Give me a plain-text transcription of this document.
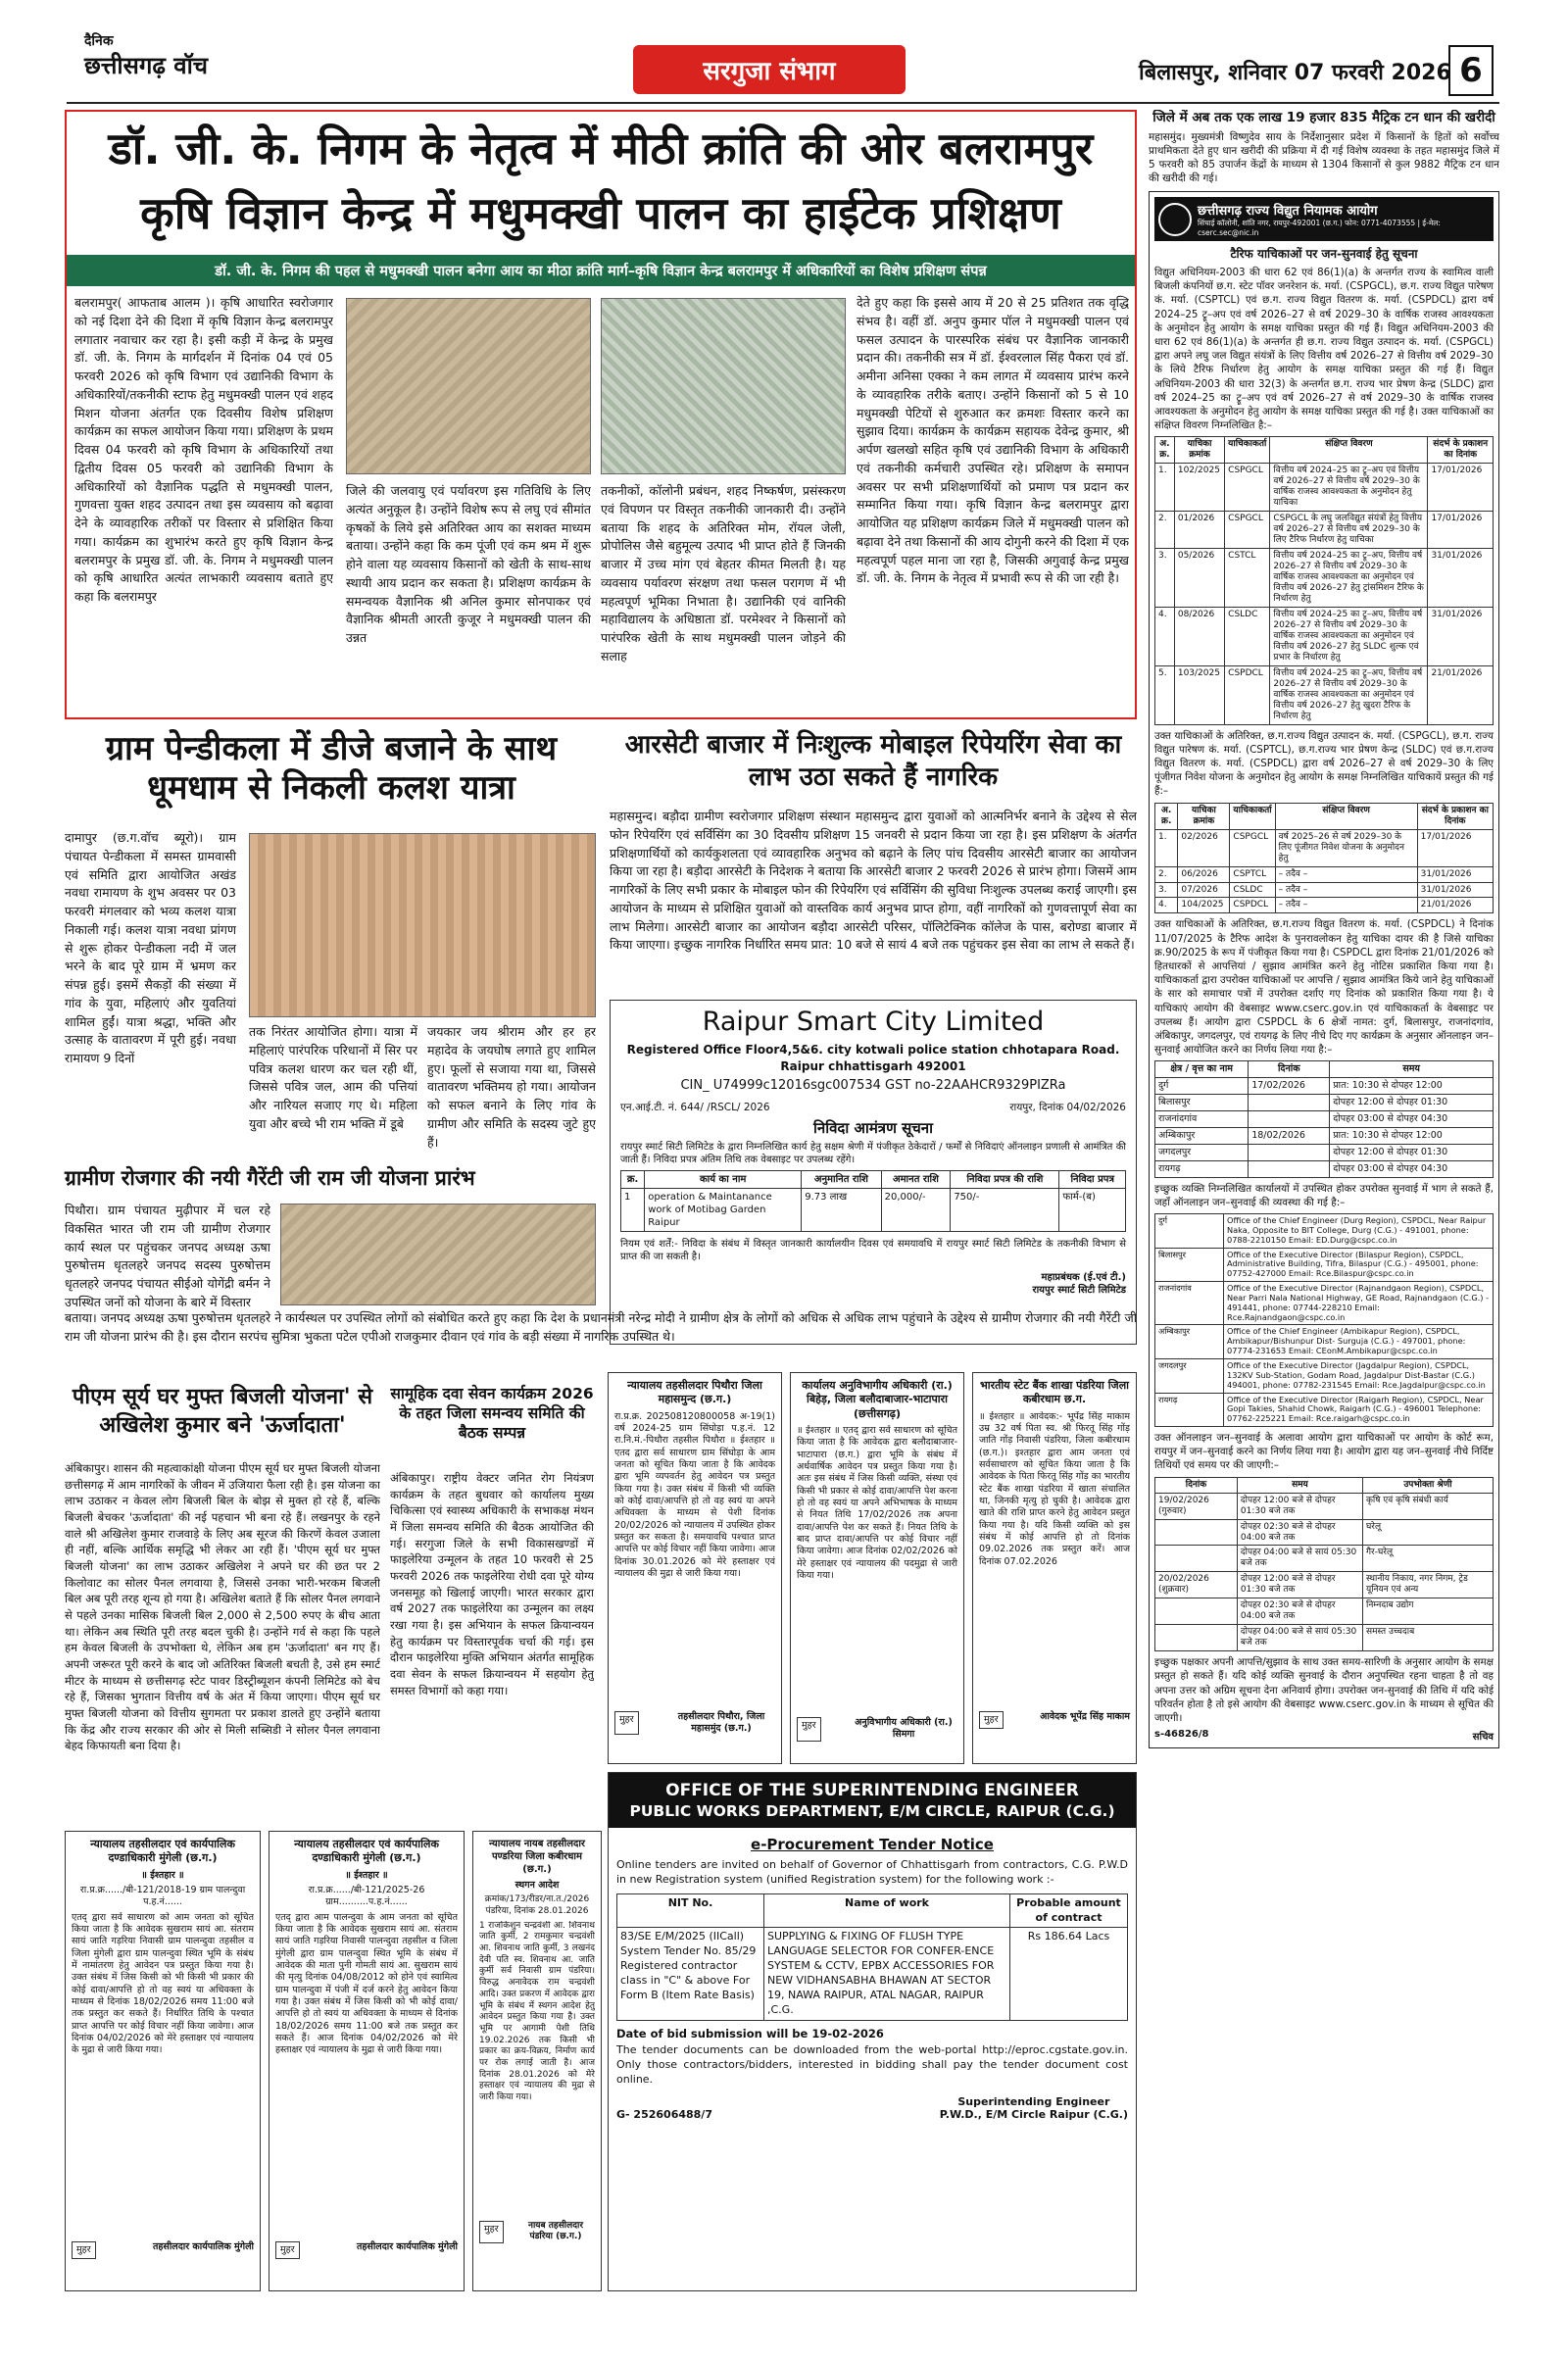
दैनिक
छत्तीसगढ़ वॉच	सरगुजा संभाग	बिलासपुर, शनिवार 07 फरवरी 2026 6
डॉ. जी. के. निगम के नेतृत्व में मीठी क्रांति की ओर बलरामपुर
कृषि विज्ञान केन्द्र में मधुमक्खी पालन का हाईटेक प्रशिक्षण
डॉ. जी. के. निगम की पहल से मधुमक्खी पालन बनेगा आय का मीठा क्रांति मार्ग–कृषि विज्ञान केन्द्र बलरामपुर में अधिकारियों का विशेष प्रशिक्षण संपन्न
बलरामपुर( आफताब आलम )। कृषि आधारित स्वरोजगार को नई दिशा देने की दिशा में कृषि विज्ञान केन्द्र बलरामपुर लगातार नवाचार कर रहा है। इसी कड़ी में केन्द्र के प्रमुख डॉ. जी. के. निगम के मार्गदर्शन में दिनांक 04 एवं 05 फरवरी 2026 को कृषि विभाग एवं उद्यानिकी विभाग के अधिकारियों/तकनीकी स्टाफ हेतु मधुमक्खी पालन एवं शहद मिशन योजना अंतर्गत एक दिवसीय विशेष प्रशिक्षण कार्यक्रम का सफल आयोजन किया गया। प्रशिक्षण के प्रथम दिवस 04 फरवरी को कृषि विभाग के अधिकारियों तथा द्वितीय दिवस 05 फरवरी को उद्यानिकी विभाग के अधिकारियों को वैज्ञानिक पद्धति से मधुमक्खी पालन, गुणवत्ता युक्त शहद उत्पादन तथा इस व्यवसाय को बढ़ावा देने के व्यावहारिक तरीकों पर विस्तार से प्रशिक्षित किया गया। कार्यक्रम का शुभारंभ करते हुए कृषि विज्ञान केन्द्र बलरामपुर के प्रमुख डॉ. जी. के. निगम ने मधुमक्खी पालन को कृषि आधारित अत्यंत लाभकारी व्यवसाय बताते हुए कहा कि बलरामपुर
जिले की जलवायु एवं पर्यावरण इस गतिविधि के लिए अत्यंत अनुकूल है। उन्होंने विशेष रूप से लघु एवं सीमांत कृषकों के लिये इसे अतिरिक्त आय का सशक्त माध्यम बताया। उन्होंने कहा कि कम पूंजी एवं कम श्रम में शुरू होने वाला यह व्यवसाय किसानों को खेती के साथ-साथ स्थायी आय प्रदान कर सकता है। प्रशिक्षण कार्यक्रम के समन्वयक वैज्ञानिक श्री अनिल कुमार सोनपाकर एवं वैज्ञानिक श्रीमती आरती कुजूर ने मधुमक्खी पालन की उन्नत
तकनीकों, कॉलोनी प्रबंधन, शहद निष्कर्षण, प्रसंस्करण एवं विपणन पर विस्तृत तकनीकी जानकारी दी। उन्होंने बताया कि शहद के अतिरिक्त मोम, रॉयल जेली, प्रोपोलिस जैसे बहुमूल्य उत्पाद भी प्राप्त होते हैं जिनकी बाजार में उच्च मांग एवं बेहतर कीमत मिलती है। यह व्यवसाय पर्यावरण संरक्षण तथा फसल परागण में भी महत्वपूर्ण भूमिका निभाता है। उद्यानिकी एवं वानिकी महाविद्यालय के अधिष्ठाता डॉ. परमेश्वर ने किसानों को पारंपरिक खेती के साथ मधुमक्खी पालन जोड़ने की सलाह
देते हुए कहा कि इससे आय में 20 से 25 प्रतिशत तक वृद्धि संभव है। वहीं डॉ. अनुप कुमार पॉल ने मधुमक्खी पालन एवं फसल उत्पादन के पारस्परिक संबंध पर वैज्ञानिक जानकारी प्रदान की। तकनीकी सत्र में डॉ. ईश्वरलाल सिंह पैकरा एवं डॉ. अमीना अनिसा एक्का ने कम लागत में व्यवसाय प्रारंभ करने के व्यावहारिक तरीके बताए। उन्होंने किसानों को 5 से 10 मधुमक्खी पेटियों से शुरुआत कर क्रमशः विस्तार करने का सुझाव दिया। कार्यक्रम के कार्यक्रम सहायक देवेन्द्र कुमार, श्री अर्पण खलखो सहित कृषि एवं उद्यानिकी विभाग के अधिकारी एवं तकनीकी कर्मचारी उपस्थित रहे। प्रशिक्षण के समापन अवसर पर सभी प्रशिक्षणार्थियों को प्रमाण पत्र प्रदान कर सम्मानित किया गया। कृषि विज्ञान केन्द्र बलरामपुर द्वारा आयोजित यह प्रशिक्षण कार्यक्रम जिले में मधुमक्खी पालन को बढ़ावा देने तथा किसानों की आय दोगुनी करने की दिशा में एक महत्वपूर्ण पहल माना जा रहा है, जिसकी अगुवाई केन्द्र प्रमुख डॉ. जी. के. निगम के नेतृत्व में प्रभावी रूप से की जा रही है।
ग्राम पेन्डीकला में डीजे बजाने के साथ धूमधाम से निकली कलश यात्रा
दामापुर (छ.ग.वॉच ब्यूरो)। ग्राम पंचायत पेन्डीकला में समस्त ग्रामवासी एवं समिति द्वारा आयोजित अखंड नवधा रामायण के शुभ अवसर पर 03 फरवरी मंगलवार को भव्य कलश यात्रा निकाली गई। कलश यात्रा नवधा प्रांगण से शुरू होकर पेन्डीकला नदी में जल भरने के बाद पूरे ग्राम में भ्रमण कर संपन्न हुई। इसमें सैकड़ों की संख्या में गांव के युवा, महिलाएं और युवतियां शामिल हुईं। यात्रा श्रद्धा, भक्ति और उत्साह के वातावरण में पूरी हुई। नवधा रामायण 9 दिनों
तक निरंतर आयोजित होगा। यात्रा में महिलाएं पारंपरिक परिधानों में सिर पर पवित्र कलश धारण कर चल रही थीं, जिससे पवित्र जल, आम की पत्तियां और नारियल सजाए गए थे। महिला युवा और बच्चे भी राम भक्ति में डूबे
जयकार जय श्रीराम और हर हर महादेव के जयघोष लगाते हुए शामिल हुए। फूलों से सजाया गया था, जिससे वातावरण भक्तिमय हो गया। आयोजन को सफल बनाने के लिए गांव के ग्रामीण और समिति के सदस्य जुटे हुए हैं।
आरसेटी बाजार में निःशुल्क मोबाइल रिपेयरिंग सेवा का लाभ उठा सकते हैं नागरिक
महासमुन्द। बड़ौदा ग्रामीण स्वरोजगार प्रशिक्षण संस्थान महासमुन्द द्वारा युवाओं को आत्मनिर्भर बनाने के उद्देश्य से सेल फोन रिपेयरिंग एवं सर्विसिंग का 30 दिवसीय प्रशिक्षण 15 जनवरी से प्रदान किया जा रहा है। इस प्रशिक्षण के अंतर्गत प्रशिक्षणार्थियों को कार्यकुशलता एवं व्यावहारिक अनुभव को बढ़ाने के लिए पांच दिवसीय आरसेटी बाजार का आयोजन किया जा रहा है। बड़ौदा आरसेटी के निदेशक ने बताया कि आरसेटी बाजार 2 फरवरी 2026 से प्रारंभ होगा। जिसमें आम नागरिकों के लिए सभी प्रकार के मोबाइल फोन की रिपेयरिंग एवं सर्विसिंग की सुविधा निःशुल्क उपलब्ध कराई जाएगी। इस आयोजन के माध्यम से प्रशिक्षित युवाओं को वास्तविक कार्य अनुभव प्राप्त होगा, वहीं नागरिकों को गुणवत्तापूर्ण सेवा का लाभ मिलेगा। आरसेटी बाजार का आयोजन बड़ौदा आरसेटी परिसर, पॉलिटेक्निक कॉलेज के पास, बरोण्डा बाजार में किया जाएगा। इच्छुक नागरिक निर्धारित समय प्रात: 10 बजे से सायं 4 बजे तक पहुंचकर इस सेवा का लाभ ले सकते हैं।
Raipur Smart City Limited
Registered Office Floor4,5&6. city kotwali police station chhotapara Road. Raipur chhattisgarh 492001
CIN_ U74999c12016sgc007534 GST no-22AAHCR9329PIZRa
एन.आई.टी. नं. 644/ /RSCL/ 2026	रायपुर, दिनांक 04/02/2026
निविदा आमंत्रण सूचना
रायपुर स्मार्ट सिटी लिमिटेड के द्वारा निम्नलिखित कार्य हेतु सक्षम श्रेणी में पंजीकृत ठेकेदारों / फर्मों से निविदाएं ऑनलाइन प्रणाली से आमंत्रित की जाती हैं। निविदा प्रपत्र अंतिम तिथि तक वेबसाइट पर उपलब्ध रहेंगे।
क्र.	कार्य का नाम	अनुमानित राशि	अमानत राशि	निविदा प्रपत्र की राशि	निविदा प्रपत्र
1	operation & Maintanance work of Motibag Garden Raipur	9.73 लाख	20,000/-	750/-	फार्म-(ब)
नियम एवं शर्तें:- निविदा के संबंध में विस्तृत जानकारी कार्यालयीन दिवस एवं समयावधि में रायपुर स्मार्ट सिटी लिमिटेड के तकनीकी विभाग से प्राप्त की जा सकती है।
महाप्रबंधक (ई.एवं टी.)
रायपुर स्मार्ट सिटी लिमिटेड
ग्रामीण रोजगार की नयी गैरेंटी जी राम जी योजना प्रारंभ
पिथौरा। ग्राम पंचायत मुढ़ीपार में चल रहे विकसित भारत जी राम जी ग्रामीण रोजगार कार्य स्थल पर पहुंचकर जनपद अध्यक्ष ऊषा पुरुषोत्तम धृतलहरे जनपद सदस्य पुरुषोत्तम धृतलहरे जनपद पंचायत सीईओ योगेंद्री बर्मन ने उपस्थित जनों को योजना के बारे में विस्तार
बताया। जनपद अध्यक्ष ऊषा पुरुषोत्तम धृतलहरे ने कार्यस्थल पर उपस्थित लोगों को संबोधित करते हुए कहा कि देश के प्रधानमंत्री नरेन्द्र मोदी ने ग्रामीण क्षेत्र के लोगों को अधिक से अधिक लाभ पहुंचाने के उद्देश्य से ग्रामीण रोजगार की नयी गैरेंटी जी राम जी योजना प्रारंभ की है। इस दौरान सरपंच सुमित्रा भुकता पटेल एपीओ राजकुमार दीवान एवं गांव के बड़ी संख्या में नागरिक उपस्थित थे।
पीएम सूर्य घर मुफ्त बिजली योजना' से अखिलेश कुमार बने 'ऊर्जादाता'
अंबिकापुर। शासन की महत्वाकांक्षी योजना पीएम सूर्य घर मुफ्त बिजली योजना छत्तीसगढ़ में आम नागरिकों के जीवन में उजियारा फैला रही है। इस योजना का लाभ उठाकर न केवल लोग बिजली बिल के बोझ से मुक्त हो रहे हैं, बल्कि बिजली बेचकर 'ऊर्जादाता' की नई पहचान भी बना रहे हैं। लखनपुर के रहने वाले श्री अखिलेश कुमार राजवाड़े के लिए अब सूरज की किरणें केवल उजाला ही नहीं, बल्कि आर्थिक समृद्धि भी लेकर आ रही हैं। 'पीएम सूर्य घर मुफ्त बिजली योजना' का लाभ उठाकर अखिलेश ने अपने घर की छत पर 2 किलोवाट का सोलर पैनल लगवाया है, जिससे उनका भारी-भरकम बिजली बिल अब पूरी तरह शून्य हो गया है। अखिलेश बताते हैं कि सोलर पैनल लगवाने से पहले उनका मासिक बिजली बिल 2,000 से 2,500 रुपए के बीच आता था। लेकिन अब स्थिति पूरी तरह बदल चुकी है। उन्होंने गर्व से कहा कि पहले हम केवल बिजली के उपभोक्ता थे, लेकिन अब हम 'ऊर्जादाता' बन गए हैं। अपनी जरूरत पूरी करने के बाद जो अतिरिक्त बिजली बचती है, उसे हम स्मार्ट मीटर के माध्यम से छत्तीसगढ़ स्टेट पावर डिस्ट्रीब्यूशन कंपनी लिमिटेड को बेच रहे हैं, जिसका भुगतान वित्तीय वर्ष के अंत में किया जाएगा। पीएम सूर्य घर मुफ्त बिजली योजना को वित्तीय सुगमता पर प्रकाश डालते हुए उन्होंने बताया कि केंद्र और राज्य सरकार की ओर से मिली सब्सिडी ने सोलर पैनल लगवाना बेहद किफायती बना दिया है।
सामूहिक दवा सेवन कार्यक्रम 2026 के तहत जिला समन्वय समिति की बैठक सम्पन्न
अंबिकापुर। राष्ट्रीय वेक्टर जनित रोग नियंत्रण कार्यक्रम के तहत बुधवार को कार्यालय मुख्य चिकित्सा एवं स्वास्थ्य अधिकारी के सभाकक्ष मंथन में जिला समन्वय समिति की बैठक आयोजित की गई। सरगुजा जिले के सभी विकासखण्डों में फाइलेरिया उन्मूलन के तहत 10 फरवरी से 25 फरवरी 2026 तक फाइलेरिया रोधी दवा पूरे योग्य जनसमूह को खिलाई जाएगी। भारत सरकार द्वारा वर्ष 2027 तक फाइलेरिया का उन्मूलन का लक्ष्य रखा गया है। इस अभियान के सफल क्रियान्वयन हेतु कार्यक्रम पर विस्तारपूर्वक चर्चा की गई। इस दौरान फाइलेरिया मुक्ति अभियान अंतर्गत सामूहिक दवा सेवन के सफल क्रियान्वयन में सहयोग हेतु समस्त विभागों को कहा गया।
न्यायालय तहसीलदार पिथौरा जिला महासमुन्द (छ.ग.)
रा.प्र.क्र. 202508120800058 अ-19(1) वर्ष 2024-25 ग्राम सिंघोड़ा प.ह.नं. 12 रा.नि.मं.-पिथौरा तहसील पिथौरा ॥ ईश्तहार ॥ एतद द्वारा सर्व साधारण ग्राम सिंघोड़ा के आम जनता को सूचित किया जाता है कि आवेदक द्वारा भूमि व्यपवर्तन हेतु आवेदन पत्र प्रस्तुत किया गया है। उक्त संबंध में किसी भी व्यक्ति को कोई दावा/आपत्ति हो तो वह स्वयं या अपने अधिवक्ता के माध्यम से पेशी दिनांक 20/02/2026 को न्यायालय में उपस्थित होकर प्रस्तुत कर सकता है। समयावधि पश्चात प्राप्त आपत्ति पर कोई विचार नहीं किया जावेगा। आज दिनांक 30.01.2026 को मेरे हस्ताक्षर एवं न्यायालय की मुद्रा से जारी किया गया।
मुहर	तहसीलदार पिथौरा, जिला महासमुंद (छ.ग.)
कार्यालय अनुविभागीय अधिकारी (रा.) बिहेड़, जिला बलौदाबाजार-भाटापारा (छत्तीसगढ़)
॥ ईश्तहार ॥ एतद् द्वारा सर्व साधारण को सूचित किया जाता है कि आवेदक द्वारा बलौदाबाजार-भाटापारा (छ.ग.) द्वारा भूमि के संबंध में अर्धवार्षिक आवेदन पत्र प्रस्तुत किया गया है। अतः इस संबंध में जिस किसी व्यक्ति, संस्था एवं किसी भी प्रकार से कोई दावा/आपत्ति पेश करना हो तो वह स्वयं या अपने अभिभाषक के माध्यम से नियत तिथि 17/02/2026 तक अपना दावा/आपत्ति पेश कर सकते हैं। नियत तिथि के बाद प्राप्त दावा/आपत्ति पर कोई विचार नहीं किया जावेगा। आज दिनांक 02/02/2026 को मेरे हस्ताक्षर एवं न्यायालय की पदमुद्रा से जारी किया गया।
मुहर	अनुविभागीय अधिकारी (रा.) सिमगा
भारतीय स्टेट बैंक शाखा पंडरिया जिला कबीरधाम छ.ग.
॥ ईश्तहार ॥ आवेदक:- भूपेंद्र सिंह माकाम उम्र 32 वर्ष पिता स्व. श्री फिरतू सिंह गोंड़ जाति गोंड़ निवासी पंडरिया, जिला कबीरधाम (छ.ग.)। इश्तहार द्वारा आम जनता एवं सर्वसाधारण को सूचित किया जाता है कि आवेदक के पिता फिरतू सिंह गोंड़ का भारतीय स्टेट बैंक शाखा पंडरिया में खाता संचालित था, जिनकी मृत्यु हो चुकी है। आवेदक द्वारा खाते की राशि प्राप्त करने हेतु आवेदन प्रस्तुत किया गया है। यदि किसी व्यक्ति को इस संबंध में कोई आपत्ति हो तो दिनांक 09.02.2026 तक प्रस्तुत करें। आज दिनांक 07.02.2026
मुहर	आवेदक भूपेंद्र सिंह माकाम
न्यायालय तहसीलदार एवं कार्यपालिक दण्डाधिकारी मुंगेली (छ.ग.)
॥ ईश्तहार ॥
रा.प्र.क्र....../बी-121/2018-19 ग्राम पालन्दुवा प.ह.नं......
एतद् द्वारा सर्व साधारण को आम जनता को सूचित किया जाता है कि आवेदक सुखराम सायं आ. संतराम सायं जाति गड़रिया निवासी ग्राम पालन्दुवा तहसील व जिला मुंगेली द्वारा ग्राम पालन्दुवा स्थित भूमि के संबंध में नामांतरण हेतु आवेदन पत्र प्रस्तुत किया गया है। उक्त संबंध में जिस किसी को भी किसी भी प्रकार की कोई दावा/आपत्ति हो तो वह स्वयं या अधिवक्ता के माध्यम से दिनांक 18/02/2026 समय 11:00 बजे तक प्रस्तुत कर सकते हैं। निर्धारित तिथि के पश्चात प्राप्त आपत्ति पर कोई विचार नहीं किया जावेगा। आज दिनांक 04/02/2026 को मेरे हस्ताक्षर एवं न्यायालय के मुद्रा से जारी किया गया।
मुहर	तहसीलदार कार्यपालिक मुंगेली
न्यायालय तहसीलदार एवं कार्यपालिक दण्डाधिकारी मुंगेली (छ.ग.)
॥ ईश्तहार ॥
रा.प्र.क्र....../बी-121/2025-26 ग्राम..........प.ह.नं......
एतद् द्वारा आम पालन्दुवा के आम जनता को सूचित किया जाता है कि आवेदक सुखराम सायं आ. संतराम सायं जाति गड़रिया निवासी पालन्दुवा तहसील व जिला मुंगेली द्वारा ग्राम पालन्दुवा स्थित भूमि के संबंध में आवेदक की माता पुनी गोमती सायं आ. सुखराम सायं की मृत्यु दिनांक 04/08/2012 को होने एवं स्वामित्व ग्राम पालन्दुवा में पंजी में दर्ज करने हेतु आवेदन किया गया है। उक्त संबंध में जिस किसी को भी कोई दावा/आपत्ति हो तो स्वयं या अधिवक्ता के माध्यम से दिनांक 18/02/2026 समय 11:00 बजे तक प्रस्तुत कर सकते हैं। आज दिनांक 04/02/2026 को मेरे हस्ताक्षर एवं न्यायालय के मुद्रा से जारी किया गया।
मुहर	तहसीलदार कार्यपालिक मुंगेली
न्यायालय नायब तहसीलदार पण्डरिया जिला कबीरधाम (छ.ग.)
स्थगन आदेश
क्रमांक/173/रीडर/ना.त./2026 पंडरिया, दिनांक 28.01.2026
1 राजकिशुन चन्द्रवंशी आ. शिवनाथ जाति कुर्मी, 2 रामकुमार चन्द्रवंशी आ. शिवनाथ जाति कुर्मी, 3 लखनंद देवी पति स्व. शिवनाथ आ. जाति कुर्मी सर्व निवासी ग्राम पंडरिया। विरुद्ध अनावेदक राम चन्द्रवंशी आदि। उक्त प्रकरण में आवेदक द्वारा भूमि के संबंध में स्थगन आदेश हेतु आवेदन प्रस्तुत किया गया है। उक्त भूमि पर आगामी पेशी तिथि 19.02.2026 तक किसी भी प्रकार का क्रय-विक्रय, निर्माण कार्य पर रोक लगाई जाती है। आज दिनांक 28.01.2026 को मेरे हस्ताक्षर एवं न्यायालय की मुद्रा से जारी किया गया।
मुहर	नायब तहसीलदार पंडरिया (छ.ग.)
OFFICE OF THE SUPERINTENDING ENGINEER
PUBLIC WORKS DEPARTMENT, E/M CIRCLE, RAIPUR (C.G.)
e-Procurement Tender Notice
Online tenders are invited on behalf of Governor of Chhattisgarh from contractors, C.G. P.W.D in new Registration system (unified Registration system) for the following work :-
NIT No.	Name of work	Probable amount of contract
83/SE E/M/2025 (IICall) System Tender No. 85/29 Registered contractor class in "C" & above For Form B (Item Rate Basis)	SUPPLYING & FIXING OF FLUSH TYPE LANGUAGE SELECTOR FOR CONFER-ENCE SYSTEM & CCTV, EPBX ACCESSORIES FOR NEW VIDHANSABHA BHAWAN AT SECTOR 19, NAWA RAIPUR, ATAL NAGAR, RAIPUR ,C.G.	Rs 186.64 Lacs
Date of bid submission will be 19-02-2026
The tender documents can be downloaded from the web-portal http://eproc.cgstate.gov.in. Only those contractors/bidders, interested in bidding shall pay the tender document cost online.
G- 252606488/7
Superintending Engineer
P.W.D., E/M Circle Raipur (C.G.)
जिले में अब तक एक लाख 19 हजार 835 मैट्रिक टन धान की खरीदी
महासमुंद। मुख्यमंत्री विष्णुदेव साय के निर्देशानुसार प्रदेश में किसानों के हितों को सर्वोच्च प्राथमिकता देते हुए धान खरीदी की प्रक्रिया में दी गई विशेष व्यवस्था के तहत महासमुंद जिले में 5 फरवरी को 85 उपार्जन केंद्रों के माध्यम से 1304 किसानों से कुल 9882 मैट्रिक टन धान की खरीदी की गई।
छत्तीसगढ़ राज्य विद्युत नियामक आयोग
सिंचाई कॉलोनी, शांति नगर, रायपुर-492001 (छ.ग.) फोन: 0771-4073555 | ई-मेल: cserc.sec@nic.in
टैरिफ याचिकाओं पर जन-सुनवाई हेतु सूचना
विद्युत अधिनियम-2003 की धारा 62 एवं 86(1)(a) के अन्तर्गत राज्य के स्वामित्व वाली बिजली कंपनियों छ.ग. स्टेट पॉवर जनरेशन कं. मर्या. (CSPGCL), छ.ग. राज्य विद्युत पारेषण कं. मर्या. (CSPTCL) एवं छ.ग. राज्य विद्युत वितरण कं. मर्या. (CSPDCL) द्वारा वर्ष 2024–25 ट्रू–अप एवं वर्ष 2026–27 से वर्ष 2029–30 के वार्षिक राजस्व आवश्यकता के अनुमोदन हेतु आयोग के समक्ष याचिका प्रस्तुत की गई हैं। विद्युत अधिनियम-2003 की धारा 62 एवं 86(1)(a) के अन्तर्गत ही छ.ग. राज्य विद्युत उत्पादन कं. मर्या. (CSPGCL) द्वारा अपने लघु जल विद्युत संयंत्रों के लिए वित्तीय वर्ष 2026–27 से वित्तीय वर्ष 2029–30 के लिये टैरिफ निर्धारण हेतु आयोग के समक्ष याचिका प्रस्तुत की गई हैं। विद्युत अधिनियम-2003 की धारा 32(3) के अन्तर्गत छ.ग. राज्य भार प्रेषण केन्द्र (SLDC) द्वारा वर्ष 2024–25 का ट्रू–अप एवं वर्ष 2026–27 से वर्ष 2029–30 के वार्षिक राजस्व आवश्यकता के अनुमोदन हेतु आयोग के समक्ष याचिका प्रस्तुत की गई है। उक्त याचिकाओं का संक्षिप्त विवरण निम्नलिखित है:–
अ. क्र.	याचिका क्रमांक	याचिकाकर्ता	संक्षिप्त विवरण	संदर्भ के प्रकाशन का दिनांक
1.	102/2025	CSPGCL	वित्तीय वर्ष 2024–25 का ट्रू–अप एवं वित्तीय वर्ष 2026–27 से वित्तीय वर्ष 2029–30 के वार्षिक राजस्व आवश्यकता के अनुमोदन हेतु याचिका	17/01/2026
2.	01/2026	CSPGCL	CSPGCL के लघु जलविद्युत संयंत्रों हेतु वित्तीय वर्ष 2026–27 से वित्तीय वर्ष 2029–30 के लिए टैरिफ निर्धारण हेतु याचिका	17/01/2026
3.	05/2026	CSTCL	वित्तीय वर्ष 2024–25 का ट्रू–अप, वित्तीय वर्ष 2026–27 से वित्तीय वर्ष 2029–30 के वार्षिक राजस्व आवश्यकता का अनुमोदन एवं वित्तीय वर्ष 2026–27 हेतु ट्रांसमिशन टैरिफ के निर्धारण हेतु	31/01/2026
4.	08/2026	CSLDC	वित्तीय वर्ष 2024–25 का ट्रू–अप, वित्तीय वर्ष 2026–27 से वित्तीय वर्ष 2029–30 के वार्षिक राजस्व आवश्यकता का अनुमोदन एवं वित्तीय वर्ष 2026–27 हेतु SLDC शुल्क एवं प्रभार के निर्धारण हेतु	31/01/2026
5.	103/2025	CSPDCL	वित्तीय वर्ष 2024–25 का ट्रू–अप, वित्तीय वर्ष 2026–27 से वित्तीय वर्ष 2029–30 के वार्षिक राजस्व आवश्यकता का अनुमोदन एवं वित्तीय वर्ष 2026–27 हेतु खुदरा टैरिफ के निर्धारण हेतु	21/01/2026
उक्त याचिकाओं के अतिरिक्त, छ.ग.राज्य विद्युत उत्पादन कं. मर्या. (CSPGCL), छ.ग. राज्य विद्युत पारेषण कं. मर्या. (CSPTCL), छ.ग.राज्य भार प्रेषण केन्द्र (SLDC) एवं छ.ग.राज्य विद्युत वितरण कं. मर्या. (CSPDCL) द्वारा वर्ष 2026–27 से वर्ष 2029–30 के लिए पूंजीगत निवेश योजना के अनुमोदन हेतु आयोग के समक्ष निम्नलिखित याचिकायें प्रस्तुत की गई हैं:–
अ. क्र.	याचिका क्रमांक	याचिकाकर्ता	संक्षिप्त विवरण	संदर्भ के प्रकाशन का दिनांक
1.	02/2026	CSPGCL	वर्ष 2025–26 से वर्ष 2029–30 के लिए पूंजीगत निवेश योजना के अनुमोदन हेतु	17/01/2026
2.	06/2026	CSPTCL	– तदैव –	31/01/2026
3.	07/2026	CSLDC	– तदैव –	31/01/2026
4.	104/2025	CSPDCL	– तदैव –	21/01/2026
उक्त याचिकाओं के अतिरिक्त, छ.ग.राज्य विद्युत वितरण कं. मर्या. (CSPDCL) ने दिनांक 11/07/2025 के टैरिफ आदेश के पुनरावलोकन हेतु याचिका दायर की है जिसे याचिका क्र.90/2025 के रूप में पंजीकृत किया गया है। CSPDCL द्वारा दिनांक 21/01/2026 को हितधारकों से आपत्तियां / सुझाव आमंत्रित करने हेतु नोटिस प्रकाशित किया गया है। याचिकाकर्ता द्वारा उपरोक्त याचिकाओं पर आपत्ति / सुझाव आमंत्रित किये जाने हेतु याचिकाओं के सार को समाचार पत्रों में उपरोक्त दर्शाए गए दिनांक को प्रकाशित किया गया है। ये याचिकाएं आयोग की वेबसाइट www.cserc.gov.in एवं याचिकाकर्ता के वेबसाइट पर उपलब्ध हैं। आयोग द्वारा CSPDCL के 6 क्षेत्रों नामत: दुर्ग, बिलासपुर, राजनांदगांव, अंबिकापुर, जगदलपुर, एवं रायगढ़ के लिए नीचे दिए गए कार्यक्रम के अनुसार ऑनलाइन जन–सुनवाई आयोजित करने का निर्णय लिया गया है:–
क्षेत्र / वृत्त का नाम	दिनांक	समय
दुर्ग	17/02/2026	प्रात: 10:30 से दोपहर 12:00
बिलासपुर		दोपहर 12:00 से दोपहर 01:30
राजनांदगांव		दोपहर 03:00 से दोपहर 04:30
अम्बिकापुर	18/02/2026	प्रात: 10:30 से दोपहर 12:00
जगदलपुर		दोपहर 12:00 से दोपहर 01:30
रायगढ़		दोपहर 03:00 से दोपहर 04:30
इच्छुक व्यक्ति निम्नलिखित कार्यालयों में उपस्थित होकर उपरोक्त सुनवाई में भाग ले सकते हैं, जहाँ ऑनलाइन जन–सुनवाई की व्यवस्था की गई है:–
दुर्ग	Office of the Chief Engineer (Durg Region), CSPDCL, Near Raipur Naka, Opposite to BIT College, Durg (C.G.) - 491001, phone: 0788-2210150 Email: ED.Durg@cspc.co.in
बिलासपुर	Office of the Executive Director (Bilaspur Region), CSPDCL, Administrative Building, Tifra, Bilaspur (C.G.) - 495001, phone: 07752-427000 Email: Rce.Bilaspur@cspc.co.in
राजनांदगांव	Office of the Executive Director (Rajnandgaon Region), CSPDCL, Near Parri Nala National Highway, GE Road, Rajnandgaon (C.G.) - 491441, phone: 07744-228210 Email: Rce.Rajnandgaon@cspc.co.in
अम्बिकापुर	Office of the Chief Engineer (Ambikapur Region), CSPDCL, Ambikapur/Bishunpur Dist- Surguja (C.G.) - 497001, phone: 07774-231653 Email: CEonM.Ambikapur@cspc.co.in
जगदलपुर	Office of the Executive Director (Jagdalpur Region), CSPDCL, 132KV Sub-Station, Godam Road, Jagdalpur Dist-Bastar (C.G.) 494001, phone: 07782-231545 Email: Rce.Jagdalpur@cspc.co.in
रायगढ़	Office of the Executive Director (Raigarh Region), CSPDCL, Near Gopi Takies, Shahid Chowk, Raigarh (C.G.) - 496001 Telephone: 07762-225221 Email: Rce.raigarh@cspc.co.in
उक्त ऑनलाइन जन–सुनवाई के अलावा आयोग द्वारा याचिकाओं पर आयोग के कोर्ट रूम, रायपुर में जन–सुनवाई करने का निर्णय लिया गया है। आयोग द्वारा यह जन–सुनवाई नीचे निर्दिष्ट तिथियों एवं समय पर की जाएगी:–
दिनांक	समय	उपभोक्ता श्रेणी
19/02/2026 (गुरुवार)	दोपहर 12:00 बजे से दोपहर 01:30 बजे तक	कृषि एवं कृषि संबंधी कार्य
	दोपहर 02:30 बजे से दोपहर 04:00 बजे तक	घरेलू
	दोपहर 04:00 बजे से सायं 05:30 बजे तक	गैर-घरेलू
20/02/2026 (शुक्रवार)	दोपहर 12:00 बजे से दोपहर 01:30 बजे तक	स्थानीय निकाय, नगर निगम, ट्रेड यूनियन एवं अन्य
	दोपहर 02:30 बजे से दोपहर 04:00 बजे तक	निम्नदाब उद्योग
	दोपहर 04:00 बजे से सायं 05:30 बजे तक	समस्त उच्चदाब
इच्छुक पक्षकार अपनी आपत्ति/सुझाव के साथ उक्त समय-सारिणी के अनुसार आयोग के समक्ष प्रस्तुत हो सकते हैं। यदि कोई व्यक्ति सुनवाई के दौरान अनुपस्थित रहना चाहता है तो वह अपना उत्तर को अग्रिम सूचना देना अनिवार्य होगा। उपरोक्त जन-सुनवाई की तिथि में यदि कोई परिवर्तन होता है तो इसे आयोग की वेबसाइट www.cserc.gov.in के माध्यम से सूचित की जाएगी।
s-46826/8	सचिव
